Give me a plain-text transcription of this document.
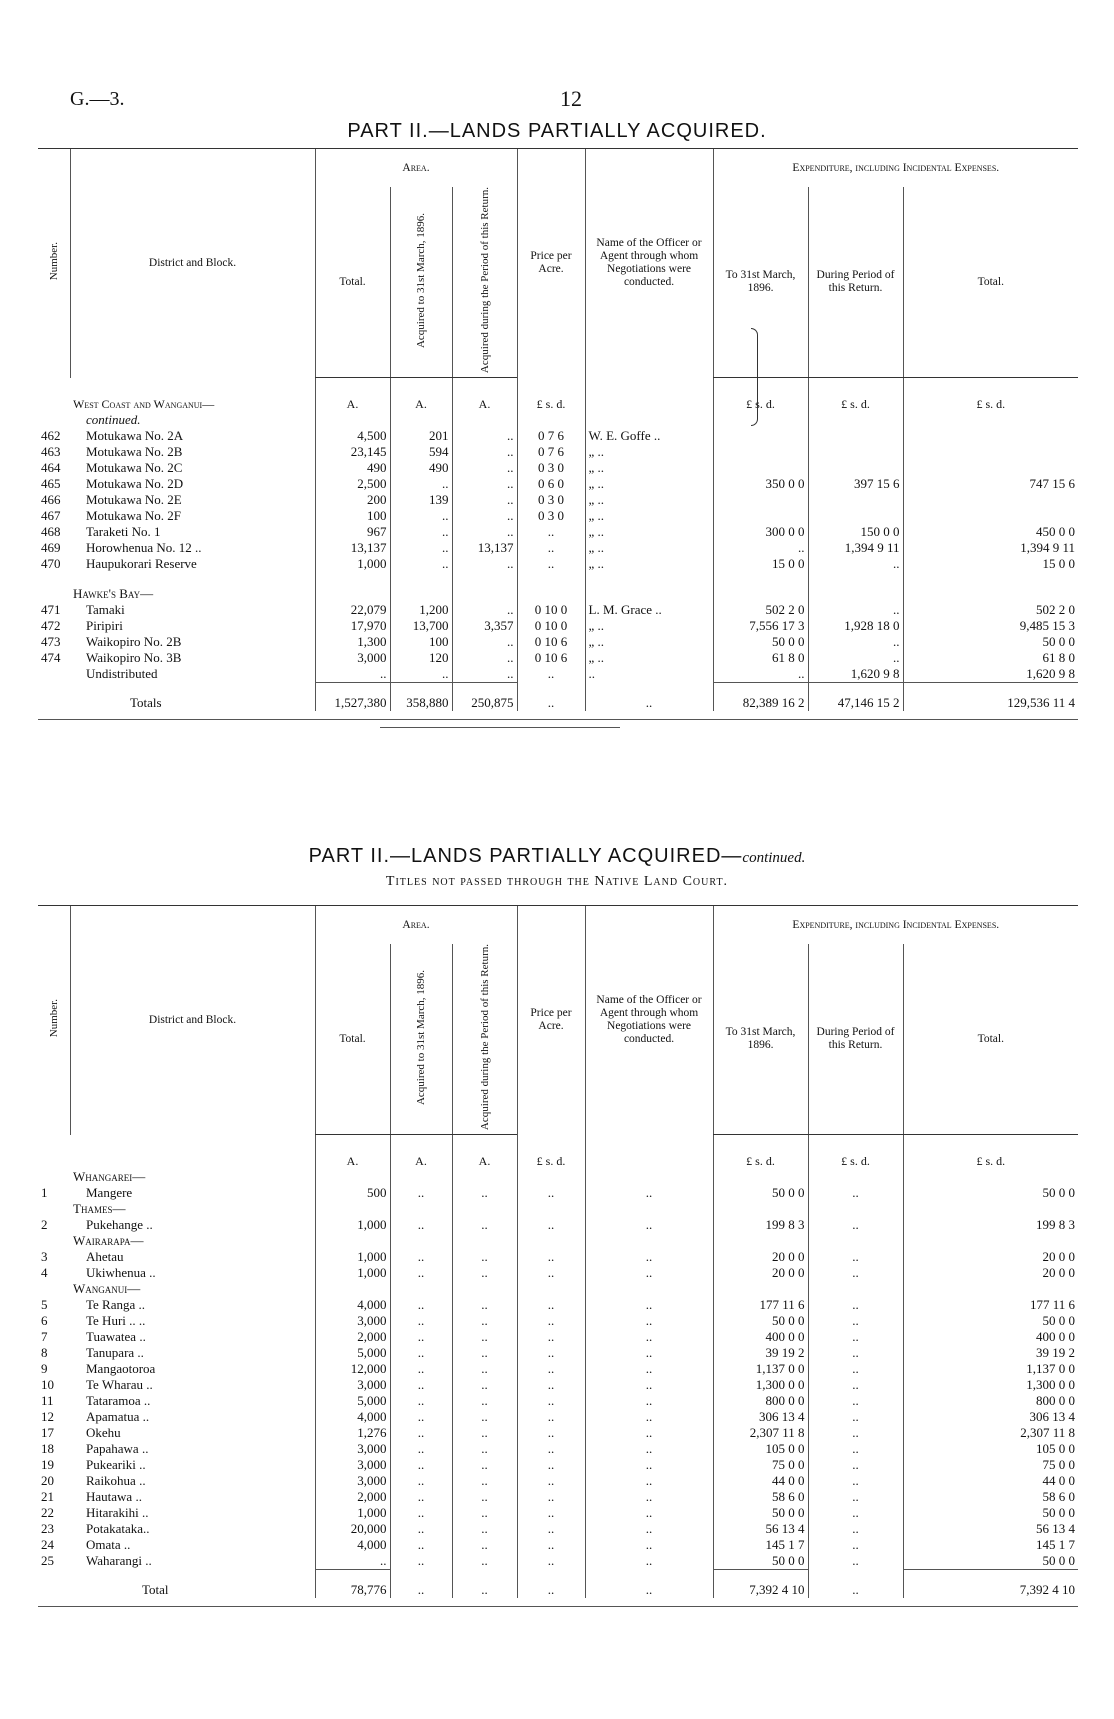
G.—3.	12
PART II.—LANDS PARTIALLY ACQUIRED.
Number.	District and Block.	Area.			Price per Acre.	Name of the Officer or Agent through whom Negotiations were conducted.	Expenditure, including Incidental Expenses.		
		Total.	Acquired to 31st March, 1896.	Acquired during the Period of this Return.			To 31st March, 1896.	During Period of this Return.	Total.
	West Coast and Wanganui—	A.	A.	A.	£ s. d.		£ s. d.	£ s. d.	£ s. d.
	continued.								
462	Motukawa No. 2A	4,500	201	..	0 7 6	W. E. Goffe ..			
463	Motukawa No. 2B	23,145	594	..	0 7 6	„ ..			
464	Motukawa No. 2C	490	490	..	0 3 0	„ ..			
465	Motukawa No. 2D	2,500	..	..	0 6 0	„ ..	350 0 0	397 15 6	747 15 6
466	Motukawa No. 2E	200	139	..	0 3 0	„ ..			
467	Motukawa No. 2F	100	..	..	0 3 0	„ ..			
468	Taraketi No. 1	967	..	..	..	„ ..	300 0 0	150 0 0	450 0 0
469	Horowhenua No. 12 ..	13,137	..	13,137	..	„ ..	..	1,394 9 11	1,394 9 11
470	Haupukorari Reserve	1,000	..	..	..	„ ..	15 0 0	..	15 0 0
	Hawke's Bay—								
471	Tamaki	22,079	1,200	..	0 10 0	L. M. Grace ..	502 2 0	..	502 2 0
472	Piripiri	17,970	13,700	3,357	0 10 0	„ ..	7,556 17 3	1,928 18 0	9,485 15 3
473	Waikopiro No. 2B	1,300	100	..	0 10 6	„ ..	50 0 0	..	50 0 0
474	Waikopiro No. 3B	3,000	120	..	0 10 6	„ ..	61 8 0	..	61 8 0
	Undistributed	..	..	..	..	..	..	1,620 9 8	1,620 9 8
	Totals	1,527,380	358,880	250,875	..	..	82,389 16 2	47,146 15 2	129,536 11 4
PART II.—LANDS PARTIALLY ACQUIRED—continued.
Titles not passed through the Native Land Court.
Number.	District and Block.	Area.			Price per Acre.	Name of the Officer or Agent through whom Negotiations were conducted.	Expenditure, including Incidental Expenses.		
		Total.	Acquired to 31st March, 1896.	Acquired during the Period of this Return.			To 31st March, 1896.	During Period of this Return.	Total.
		A.	A.	A.	£ s. d.		£ s. d.	£ s. d.	£ s. d.
	Whangarei—								
1	Mangere	500	..	..	..	..	50 0 0	..	50 0 0
	Thames—								
2	Pukehange ..	1,000	..	..	..	..	199 8 3	..	199 8 3
	Wairarapa—								
3	Ahetau	1,000	..	..	..	..	20 0 0	..	20 0 0
4	Ukiwhenua ..	1,000	..	..	..	..	20 0 0	..	20 0 0
	Wanganui—								
5	Te Ranga ..	4,000	..	..	..	..	177 11 6	..	177 11 6
6	Te Huri .. ..	3,000	..	..	..	..	50 0 0	..	50 0 0
7	Tuawatea ..	2,000	..	..	..	..	400 0 0	..	400 0 0
8	Tanupara ..	5,000	..	..	..	..	39 19 2	..	39 19 2
9	Mangaotoroa	12,000	..	..	..	..	1,137 0 0	..	1,137 0 0
10	Te Wharau ..	3,000	..	..	..	..	1,300 0 0	..	1,300 0 0
11	Tataramoa ..	5,000	..	..	..	..	800 0 0	..	800 0 0
12	Apamatua ..	4,000	..	..	..	..	306 13 4	..	306 13 4
17	Okehu	1,276	..	..	..	..	2,307 11 8	..	2,307 11 8
18	Papahawa ..	3,000	..	..	..	..	105 0 0	..	105 0 0
19	Pukeariki ..	3,000	..	..	..	..	75 0 0	..	75 0 0
20	Raikohua ..	3,000	..	..	..	..	44 0 0	..	44 0 0
21	Hautawa ..	2,000	..	..	..	..	58 6 0	..	58 6 0
22	Hitarakihi ..	1,000	..	..	..	..	50 0 0	..	50 0 0
23	Potakataka..	20,000	..	..	..	..	56 13 4	..	56 13 4
24	Omata ..	4,000	..	..	..	..	145 1 7	..	145 1 7
25	Waharangi ..	..	..	..	..	..	50 0 0	..	50 0 0
	Total	78,776	..	..	..	..	7,392 4 10	..	7,392 4 10
